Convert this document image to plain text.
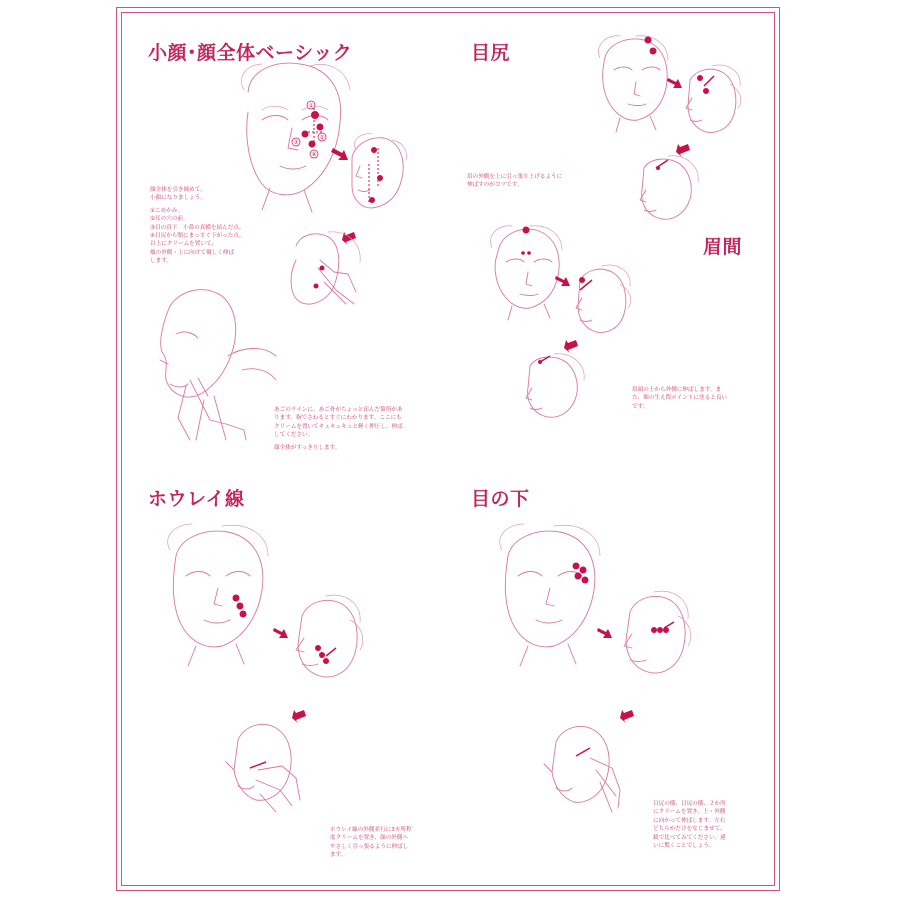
①
②
③
④
小顔･顔全体ベーシック	目尻
眉間
ホウレイ線	目の下

顔全体を引き締めて、

小顔になりましょう。

①こめかみ。

②耳の穴の前。

③目の真下　小鼻の真横を結んだ点。

④目尻から顎にまっすぐ下がった点。

以上にクリームを置いて、

頬の外側・上に向けて優しく伸ば

します。

あごのラインに、あご骨がちょっと窪んだ箇所があ

ります。指でさわるとすぐにわかります。ここにも

クリームを置いてキュキュキュと軽く押圧し、伸ば

してください。

顔全体がすっきりします。

眉の外側を上に引っ張り上げるように

伸ばすのがコツです。

眉頭の上から外側に伸ばします。ま

た、額の生え際ポイントに塗ると良い

です。

ホウレイ線の外側並行に3カ所程

度クリームを置き、顔の外側へ

やさしく引っ張るように伸ばし

ます。

目尻の横、目尻の横、２か所

にクリームを置き、上・外側

に向かって伸ばします。左右

どちらかだけをなじませて、

鏡で比べてみてください。違

いに驚くことでしょう。
